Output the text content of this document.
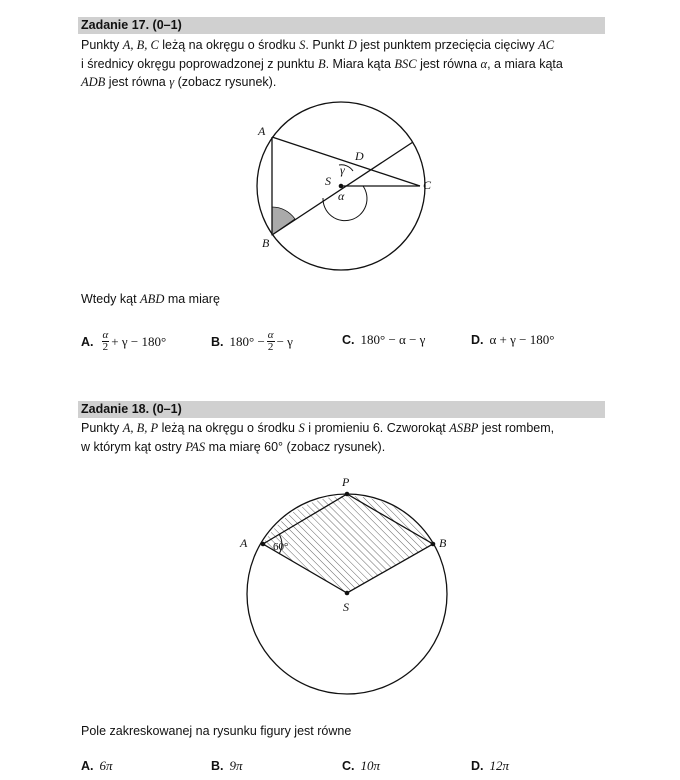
Zadanie 17. (0–1)
Punkty A, B, C leżą na okręgu o środku S. Punkt D jest punktem przecięcia cięciwy AC
i średnicy okręgu poprowadzonej z punktu B. Miara kąta BSC jest równa α, a miara kąta
ADB jest równa γ (zobacz rysunek).
A
B
C
D
S
α
γ
A	B
P
S
60°
Wtedy kąt ABD ma miarę
A. $\frac{\alpha}{2} + \gamma - 180^\circ$	B. $180^\circ - \frac{\alpha}{2} - \gamma$	C. 180° − α − γ	D. α + γ − 180°
Zadanie 18. (0–1)
Punkty A, B, P leżą na okręgu o środku S i promieniu 6. Czworokąt ASBP jest rombem,
w którym kąt ostry PAS ma miarę 60° (zobacz rysunek).
Pole zakreskowanej na rysunku figury jest równe
A. 6π	B. 9π	C. 10π	D. 12π
